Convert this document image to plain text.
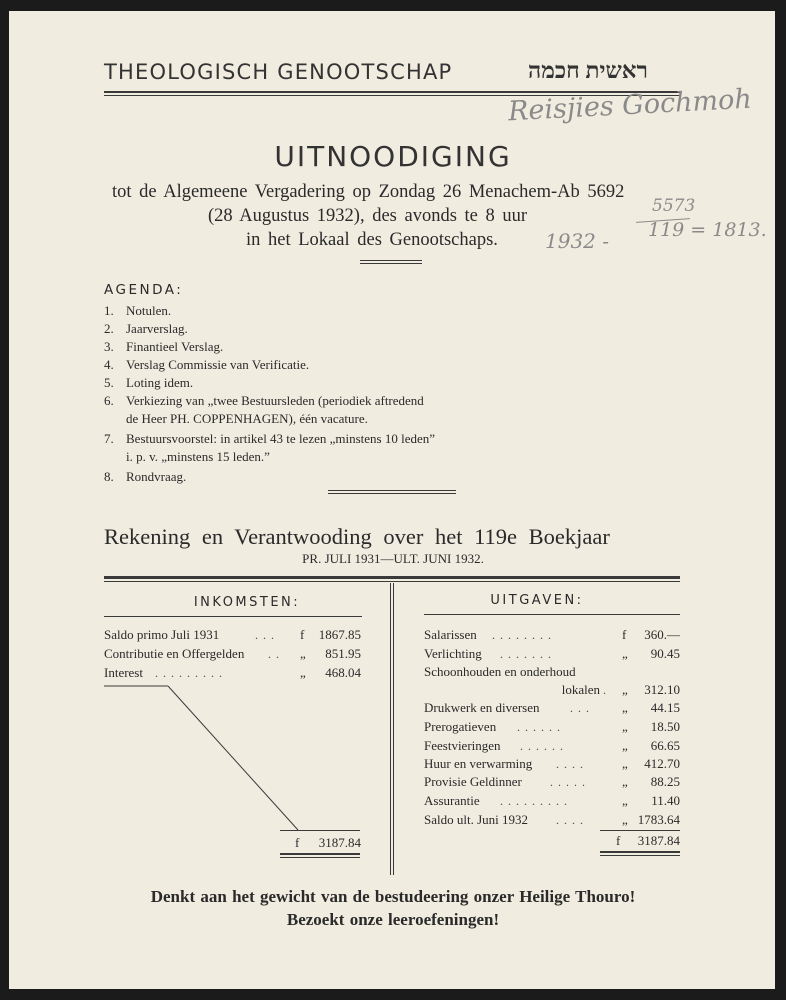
THEOLOGISCH GENOOTSCHAP	ראשית חכמה
Reisjies Gochmoh
UITNOODIGING
tot de Algemeene Vergadering op Zondag 26 Menachem-Ab 5692
(28 Augustus 1932), des avonds te 8 uur
in het Lokaal des Genootschaps. 1932 -
5573
119 = 1813.
AGENDA:
1. Notulen.
2. Jaarverslag.
3. Finantieel Verslag.
4. Verslag Commissie van Verificatie.
5. Loting idem.
6. Verkiezing van „twee Bestuursleden (periodiek aftredend
de Heer PH. COPPENHAGEN), één vacature.
7. Bestuursvoorstel: in artikel 43 te lezen „minstens 10 leden”
i. p. v. „minstens 15 leden.”
8. Rondvraag.
Rekening en Verantwooding over het 119e Boekjaar
PR. JULI 1931—ULT. JUNI 1932.
INKOMSTEN:	UITGAVEN:
Saldo primo Juli 1931	... f	1867.85
Contributie en Offergelden .. „	851.95
Interest .........	„	468.04
f	3187.84
Salarissen ........	f	360.—
Verlichting .......	„	90.45
Schoonhouden en onderhoud
lokalen . „	312.10
Drukwerk en diversen	... „	44.15
Prerogatieven ......	„	18.50
Feestvieringen ......	„	66.65
Huur en verwarming ....	„	412.70
Provisie Geldinner ..... „	88.25
Assurantie .........	„	11.40
Saldo ult. Juni 1932 ....	„ 1783.64
f	3187.84
Denkt aan het gewicht van de bestudeering onzer Heilige Thouro!
Bezoekt onze leeroefeningen!
